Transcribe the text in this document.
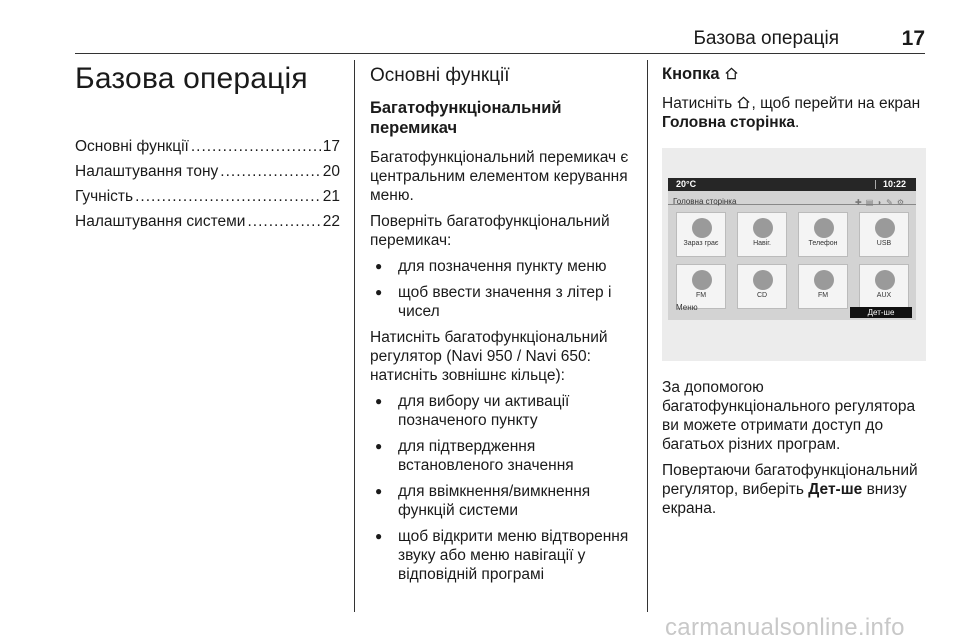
Базова операція	17
Базова операція
Основні функції .....	17
Налаштування тону .....	20
Гучність .....	21
Налаштування системи .....	22
Основні функції
Багатофункціональний перемикач

Багатофункціональний перемикач є центральним елементом керування меню.

Поверніть багатофункціональний перемикач:

● для позначення пункту меню
● щоб ввести значення з літер і чисел

Натисніть багатофункціональний регулятор (Navi 950 / Navi 650: натисніть зовнішнє кільце):

● для вибору чи активації позначеного пункту
● для підтвердження встановленого значення
● для ввімкнення/вимкнення функцій системи
● щоб відкрити меню відтворення звуку або меню навігації у відповідній програмі
Кнопка

Натисніть , щоб перейти на екран Головна сторінка.

20°C	10:22
Головна сторінка	✚▤◗✎⚙
Зараз грає	Навіг.	Телефон	USB
FM	CD	FM	AUX
Меню
Дет-ше

За допомогою багатофункціонального регулятора ви можете отримати доступ до багатьох різних програм.

Повертаючи багатофункціональний регулятор, виберіть Дет-ше внизу екрана.

carmanualsonline.info
